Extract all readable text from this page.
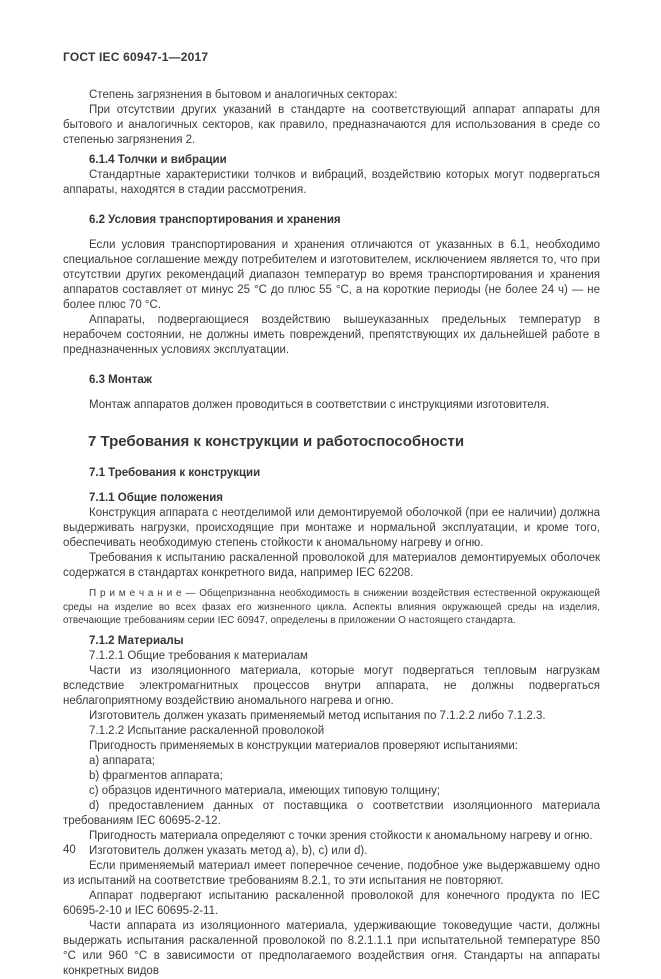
ГОСТ IEC 60947-1—2017

Степень загрязнения в бытовом и аналогичных секторах:

При отсутствии других указаний в стандарте на соответствующий аппарат аппараты для бытового и аналогичных секторов, как правило, предназначаются для использования в среде со степенью загрязнения 2.

6.1.4 Толчки и вибрации

Стандартные характеристики толчков и вибраций, воздействию которых могут подвергаться аппараты, находятся в стадии рассмотрения.

6.2 Условия транспортирования и хранения

Если условия транспортирования и хранения отличаются от указанных в 6.1, необходимо специальное соглашение между потребителем и изготовителем, исключением является то, что при отсутствии других рекомендаций диапазон температур во время транспортирования и хранения аппаратов составляет от минус 25 °С до плюс 55 °С, а на короткие периоды (не более 24 ч) — не более плюс 70 °С.

Аппараты, подвергающиеся воздействию вышеуказанных предельных температур в нерабочем состоянии, не должны иметь повреждений, препятствующих их дальнейшей работе в предназначенных условиях эксплуатации.

6.3 Монтаж

Монтаж аппаратов должен проводиться в соответствии с инструкциями изготовителя.

7 Требования к конструкции и работоспособности

7.1 Требования к конструкции

7.1.1 Общие положения

Конструкция аппарата с неотделимой или демонтируемой оболочкой (при ее наличии) должна выдерживать нагрузки, происходящие при монтаже и нормальной эксплуатации, и кроме того, обеспечивать необходимую степень стойкости к аномальному нагреву и огню.

Требования к испытанию раскаленной проволокой для материалов демонтируемых оболочек содержатся в стандартах конкретного вида, например IEC 62208.

П р и м е ч а н и е — Общепризнанна необходимость в снижении воздействия естественной окружающей среды на изделие во всех фазах его жизненного цикла. Аспекты влияния окружающей среды на изделия, отвечающие требованиям серии IEC 60947, определены в приложении О настоящего стандарта.

7.1.2 Материалы

7.1.2.1 Общие требования к материалам

Части из изоляционного материала, которые могут подвергаться тепловым нагрузкам вследствие электромагнитных процессов внутри аппарата, не должны подвергаться неблагоприятному воздействию аномального нагрева и огню.

Изготовитель должен указать применяемый метод испытания по 7.1.2.2 либо 7.1.2.3.

7.1.2.2 Испытание раскаленной проволокой

Пригодность применяемых в конструкции материалов проверяют испытаниями:

a) аппарата;

b) фрагментов аппарата;

c) образцов идентичного материала, имеющих типовую толщину;

d) предоставлением данных от поставщика о соответствии изоляционного материала требованиям IEC 60695-2-12.

Пригодность материала определяют с точки зрения стойкости к аномальному нагреву и огню.

Изготовитель должен указать метод a), b), c) или d).

Если применяемый материал имеет поперечное сечение, подобное уже выдержавшему одно из испытаний на соответствие требованиям 8.2.1, то эти испытания не повторяют.

Аппарат подвергают испытанию раскаленной проволокой для конечного продукта по IEC 60695-2-10 и IEC 60695-2-11.

Части аппарата из изоляционного материала, удерживающие токоведущие части, должны выдержать испытания раскаленной проволокой по 8.2.1.1.1 при испытательной температуре 850 °С или 960 °С в зависимости от предполагаемого воздействия огня. Стандарты на аппараты конкретных видов

40
